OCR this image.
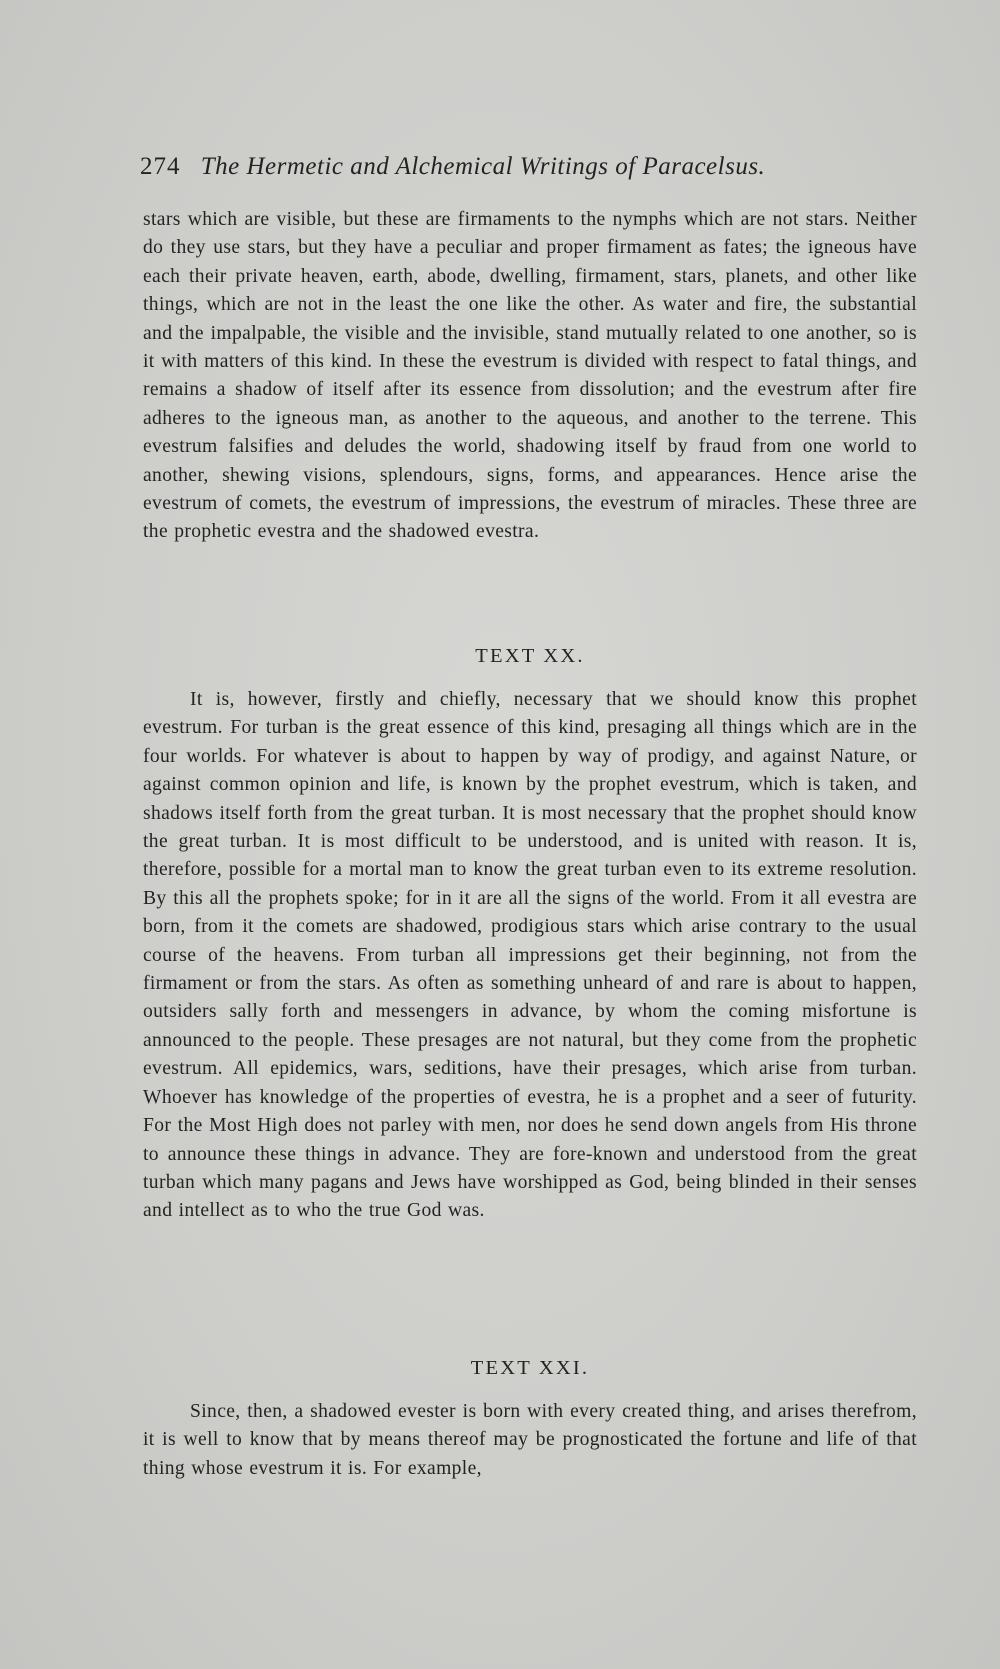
274 The Hermetic and Alchemical Writings of Paracelsus.

stars which are visible, but these are firmaments to the nymphs which are not stars. Neither do they use stars, but they have a peculiar and proper firmament as fates; the igneous have each their private heaven, earth, abode, dwelling, firmament, stars, planets, and other like things, which are not in the least the one like the other. As water and fire, the substantial and the impalpable, the visible and the invisible, stand mutually related to one another, so is it with matters of this kind. In these the evestrum is divided with respect to fatal things, and remains a shadow of itself after its essence from dissolution; and the evestrum after fire adheres to the igneous man, as another to the aqueous, and another to the terrene. This evestrum falsifies and deludes the world, shadowing itself by fraud from one world to another, shewing visions, splendours, signs, forms, and appearances. Hence arise the evestrum of comets, the evestrum of impressions, the evestrum of miracles. These three are the prophetic evestra and the shadowed evestra.

TEXT XX.

It is, however, firstly and chiefly, necessary that we should know this prophet evestrum. For turban is the great essence of this kind, presaging all things which are in the four worlds. For whatever is about to happen by way of prodigy, and against Nature, or against common opinion and life, is known by the prophet evestrum, which is taken, and shadows itself forth from the great turban. It is most necessary that the prophet should know the great turban. It is most difficult to be understood, and is united with reason. It is, therefore, possible for a mortal man to know the great turban even to its extreme resolution. By this all the prophets spoke; for in it are all the signs of the world. From it all evestra are born, from it the comets are shadowed, prodigious stars which arise contrary to the usual course of the heavens. From turban all impressions get their beginning, not from the firmament or from the stars. As often as something unheard of and rare is about to happen, outsiders sally forth and messengers in advance, by whom the coming misfortune is announced to the people. These presages are not natural, but they come from the prophetic evestrum. All epidemics, wars, seditions, have their presages, which arise from turban. Whoever has knowledge of the properties of evestra, he is a prophet and a seer of futurity. For the Most High does not parley with men, nor does he send down angels from His throne to announce these things in advance. They are fore-known and understood from the great turban which many pagans and Jews have worshipped as God, being blinded in their senses and intellect as to who the true God was.

TEXT XXI.

Since, then, a shadowed evester is born with every created thing, and arises therefrom, it is well to know that by means thereof may be prognosticated the fortune and life of that thing whose evestrum it is. For example,
